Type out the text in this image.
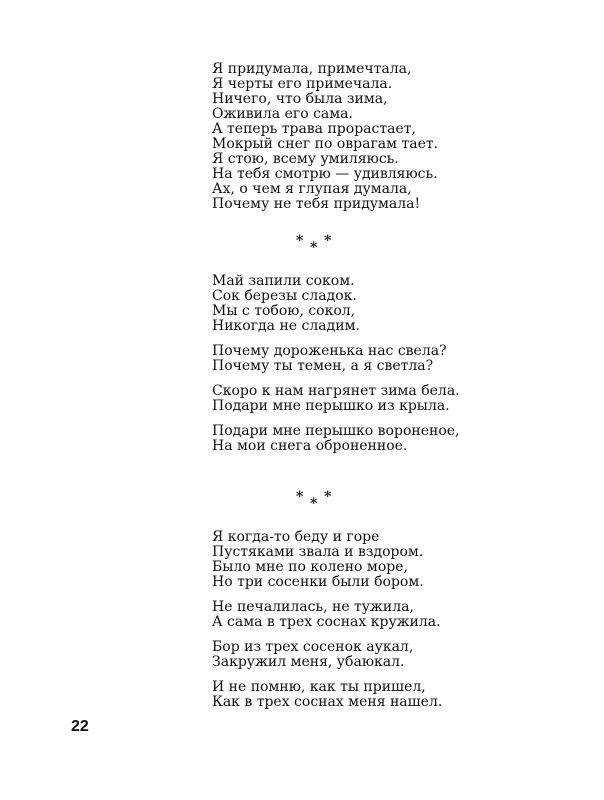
Я придумала, примечтала,
Я черты его примечала.
Ничего, что была зима,
Оживила его сама.
А теперь трава прорастает,
Мокрый снег по оврагам тает.
Я стою, всему умиляюсь.
На тебя смотрю — удивляюсь.
Ах, о чем я глупая думала,
Почему не тебя придумала!
* * *
Май запили соком.
Сок березы сладок.
Мы с тобою, сокол,
Никогда не сладим.
Почему дороженька нас свела?
Почему ты темен, а я светла?
Скоро к нам нагрянет зима бела.
Подари мне перышко из крыла.
Подари мне перышко вороненое,
На мои снега оброненное.
* * *
Я когда-то беду и горе
Пустяками звала и вздором.
Было мне по колено море,
Но три сосенки были бором.
Не печалилась, не тужила,
А сама в трех соснах кружила.
Бор из трех сосенок аукал,
Закружил меня, убаюкал.
И не помню, как ты пришел,
Как в трех соснах меня нашел.
22
